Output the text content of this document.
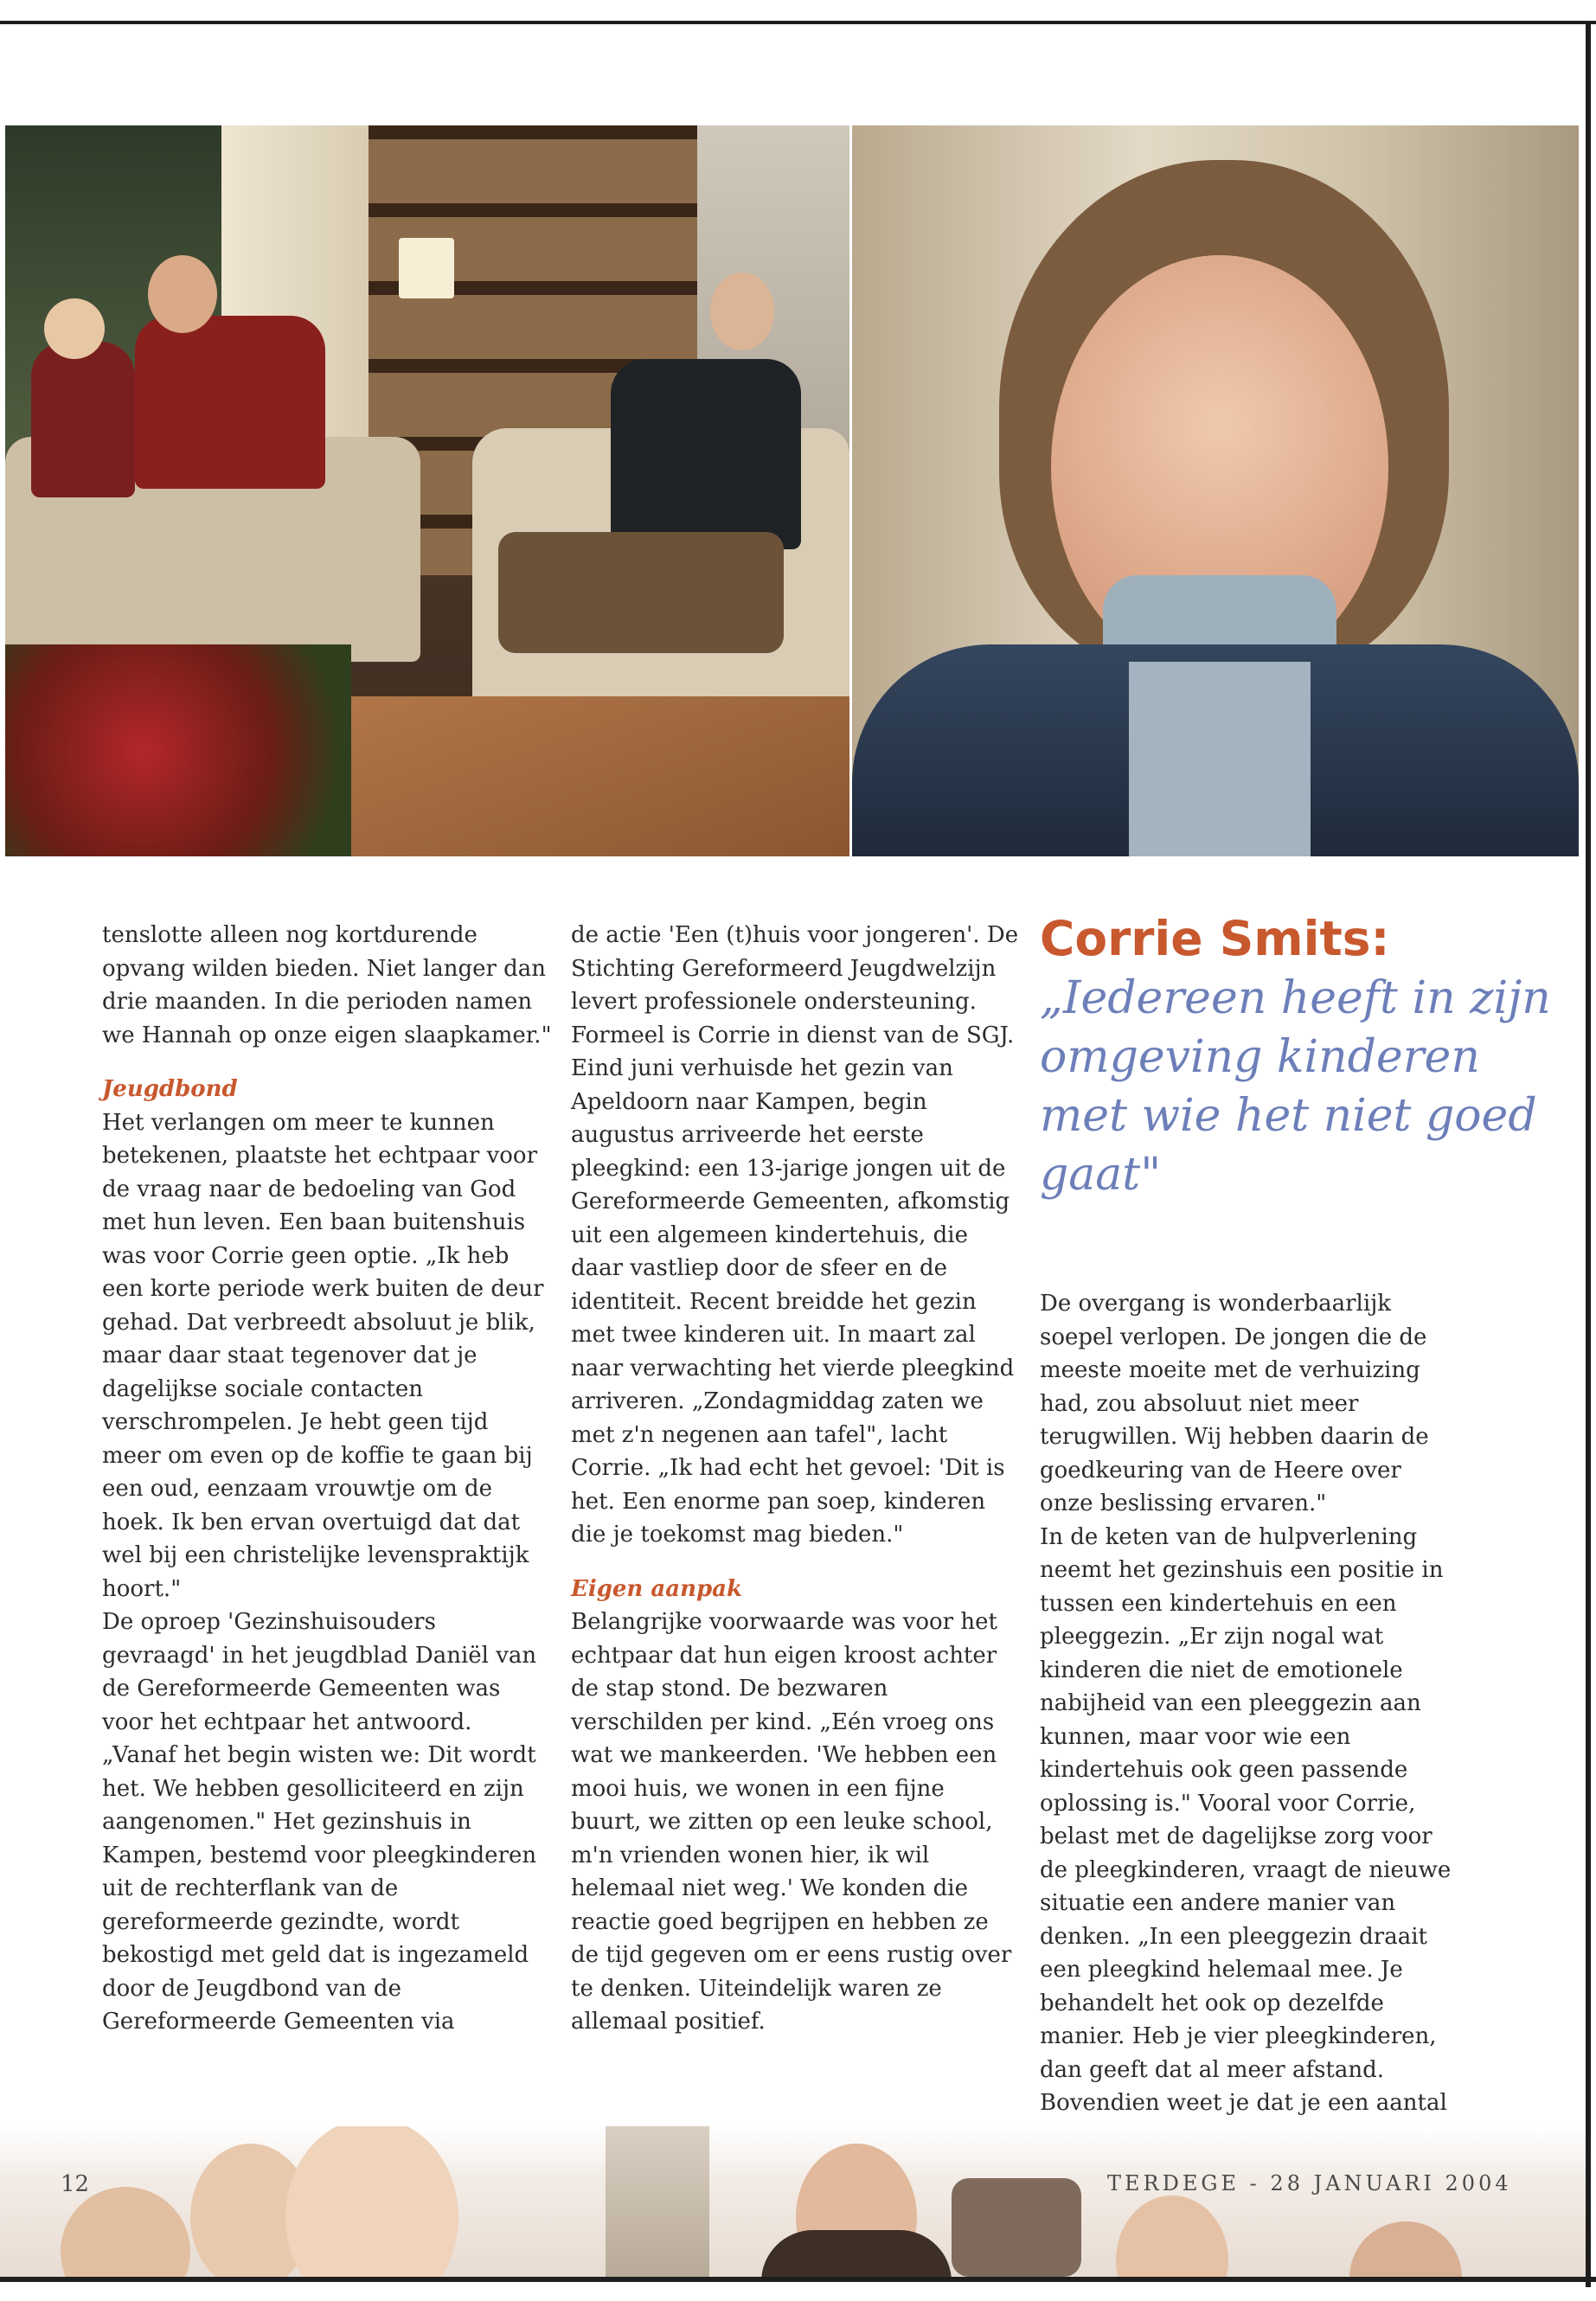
tenslotte alleen nog kortdurende opvang wilden bieden. Niet langer dan drie maanden. In die perioden namen we Hannah op onze eigen slaapkamer."

Jeugdbond

Het verlangen om meer te kunnen betekenen, plaatste het echtpaar voor de vraag naar de bedoeling van God met hun leven. Een baan buitenshuis was voor Corrie geen optie. „Ik heb een korte periode werk buiten de deur gehad. Dat verbreedt absoluut je blik, maar daar staat tegenover dat je dagelijkse sociale contacten verschrompelen. Je hebt geen tijd meer om even op de koffie te gaan bij een oud, eenzaam vrouwtje om de hoek. Ik ben ervan overtuigd dat dat wel bij een christelijke levenspraktijk hoort."

De oproep 'Gezinshuisouders gevraagd' in het jeugdblad Daniël van de Gereformeerde Gemeenten was voor het echtpaar het antwoord. „Vanaf het begin wisten we: Dit wordt het. We hebben gesolliciteerd en zijn aangenomen." Het gezinshuis in Kampen, bestemd voor pleegkinderen uit de rechterflank van de gereformeerde gezindte, wordt bekostigd met geld dat is ingezameld door de Jeugdbond van de Gereformeerde Gemeenten via

de actie 'Een (t)huis voor jongeren'. De Stichting Gereformeerd Jeugdwelzijn levert professionele ondersteuning. Formeel is Corrie in dienst van de SGJ.

Eind juni verhuisde het gezin van Apeldoorn naar Kampen, begin augustus arriveerde het eerste pleegkind: een 13-jarige jongen uit de Gereformeerde Gemeenten, afkomstig uit een algemeen kindertehuis, die daar vastliep door de sfeer en de identiteit. Recent breidde het gezin met twee kinderen uit. In maart zal naar verwachting het vierde pleegkind arriveren. „Zondagmiddag zaten we met z'n negenen aan tafel", lacht Corrie. „Ik had echt het gevoel: 'Dit is het. Een enorme pan soep, kinderen die je toekomst mag bieden."

Eigen aanpak

Belangrijke voorwaarde was voor het echtpaar dat hun eigen kroost achter de stap stond. De bezwaren verschilden per kind. „Eén vroeg ons wat we mankeerden. 'We hebben een mooi huis, we wonen in een fijne buurt, we zitten op een leuke school, m'n vrienden wonen hier, ik wil helemaal niet weg.' We konden die reactie goed begrijpen en hebben ze de tijd gegeven om er eens rustig over te denken. Uiteindelijk waren ze allemaal positief.

Corrie Smits:
„Iedereen heeft in zijn omgeving kinderen met wie het niet goed gaat"

De overgang is wonderbaarlijk soepel verlopen. De jongen die de meeste moeite met de verhuizing had, zou absoluut niet meer terugwillen. Wij hebben daarin de goedkeuring van de Heere over onze beslissing ervaren."

In de keten van de hulpverlening neemt het gezinshuis een positie in tussen een kindertehuis en een pleeggezin. „Er zijn nogal wat kinderen die niet de emotionele nabijheid van een pleeggezin aan kunnen, maar voor wie een kindertehuis ook geen passende oplossing is." Vooral voor Corrie, belast met de dagelijkse zorg voor de pleegkinderen, vraagt de nieuwe situatie een andere manier van denken. „In een pleeggezin draait een pleegkind helemaal mee. Je behandelt het ook op dezelfde manier. Heb je vier pleegkinderen, dan geeft dat al meer afstand. Bovendien weet je dat je een aantal

12	TERDEGE - 28 JANUARI 2004
